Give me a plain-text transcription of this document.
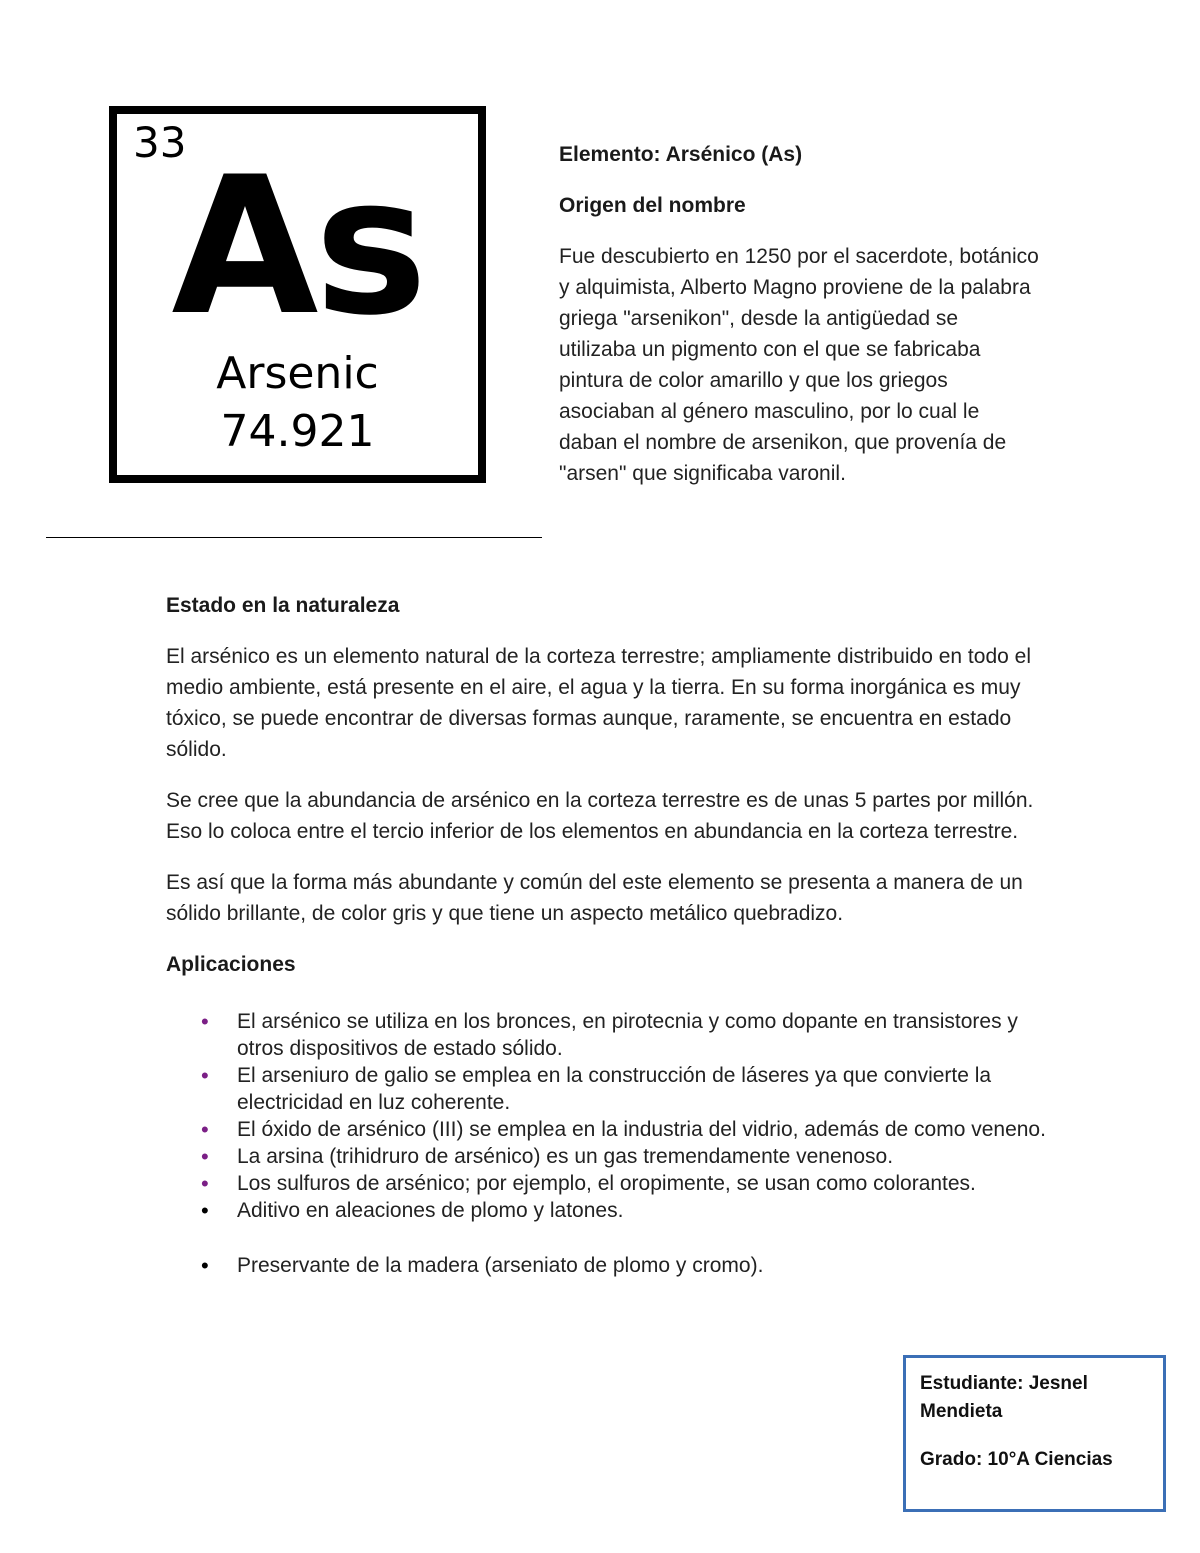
33
As
Arsenic
74.921

Elemento: Arsénico (As)

Origen del nombre

Fue descubierto en 1250 por el sacerdote, botánico y alquimista, Alberto Magno proviene de la palabra griega "arsenikon", desde la antigüedad se utilizaba un pigmento con el que se fabricaba pintura de color amarillo y que los griegos asociaban al género masculino, por lo cual le daban el nombre de arsenikon, que provenía de "arsen" que significaba varonil.

Estado en la naturaleza

El arsénico es un elemento natural de la corteza terrestre; ampliamente distribuido en todo el medio ambiente, está presente en el aire, el agua y la tierra. En su forma inorgánica es muy tóxico, se puede encontrar de diversas formas aunque, raramente, se encuentra en estado sólido.

Se cree que la abundancia de arsénico en la corteza terrestre es de unas 5 partes por millón. Eso lo coloca entre el tercio inferior de los elementos en abundancia en la corteza terrestre.

Es así que la forma más abundante y común del este elemento se presenta a manera de un sólido brillante, de color gris y que tiene un aspecto metálico quebradizo.

Aplicaciones

• El arsénico se utiliza en los bronces, en pirotecnia y como dopante en transistores y otros dispositivos de estado sólido.
• El arseniuro de galio se emplea en la construcción de láseres ya que convierte la electricidad en luz coherente.
• El óxido de arsénico (III) se emplea en la industria del vidrio, además de como veneno.
• La arsina (trihidruro de arsénico) es un gas tremendamente venenoso.
• Los sulfuros de arsénico; por ejemplo, el oropimente, se usan como colorantes.
• Aditivo en aleaciones de plomo y latones.
• Preservante de la madera (arseniato de plomo y cromo).

Estudiante: Jesnel Mendieta

Grado: 10°A Ciencias
